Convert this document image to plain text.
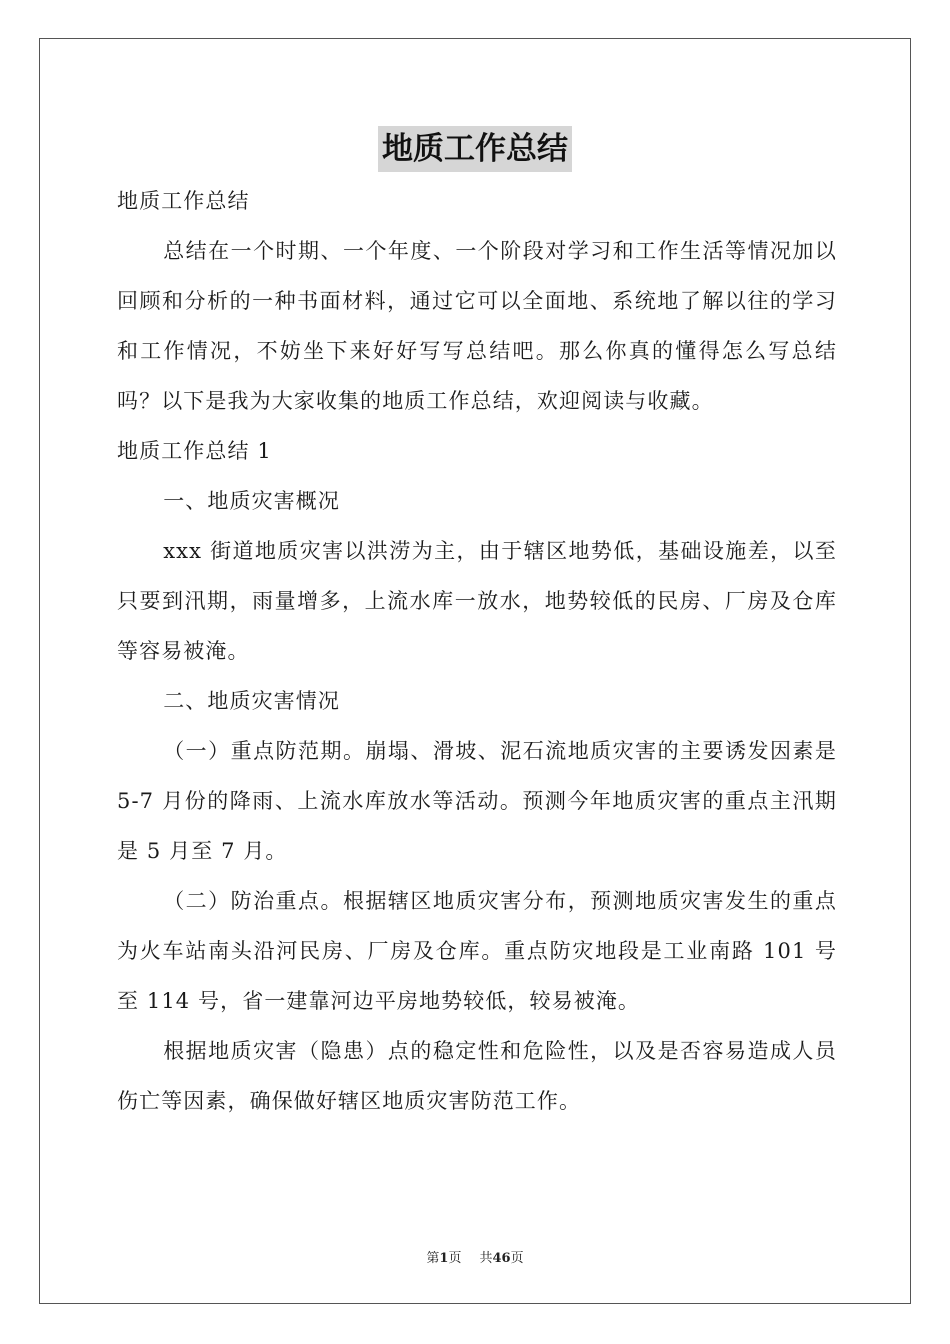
地质工作总结

地质工作总结

总结在一个时期、一个年度、一个阶段对学习和工作生活等情况加以回顾和分析的一种书面材料，通过它可以全面地、系统地了解以往的学习和工作情况，不妨坐下来好好写写总结吧。那么你真的懂得怎么写总结吗？以下是我为大家收集的地质工作总结，欢迎阅读与收藏。

地质工作总结 1

一、地质灾害概况

xxx 街道地质灾害以洪涝为主，由于辖区地势低，基础设施差，以至只要到汛期，雨量增多，上流水库一放水，地势较低的民房、厂房及仓库等容易被淹。

二、地质灾害情况

（一）重点防范期。崩塌、滑坡、泥石流地质灾害的主要诱发因素是 5-7 月份的降雨、上流水库放水等活动。预测今年地质灾害的重点主汛期是 5 月至 7 月。

（二）防治重点。根据辖区地质灾害分布，预测地质灾害发生的重点为火车站南头沿河民房、厂房及仓库。重点防灾地段是工业南路 101 号至 114 号，省一建靠河边平房地势较低，较易被淹。

根据地质灾害（隐患）点的稳定性和危险性，以及是否容易造成人员伤亡等因素，确保做好辖区地质灾害防范工作。

第1页 共46页
